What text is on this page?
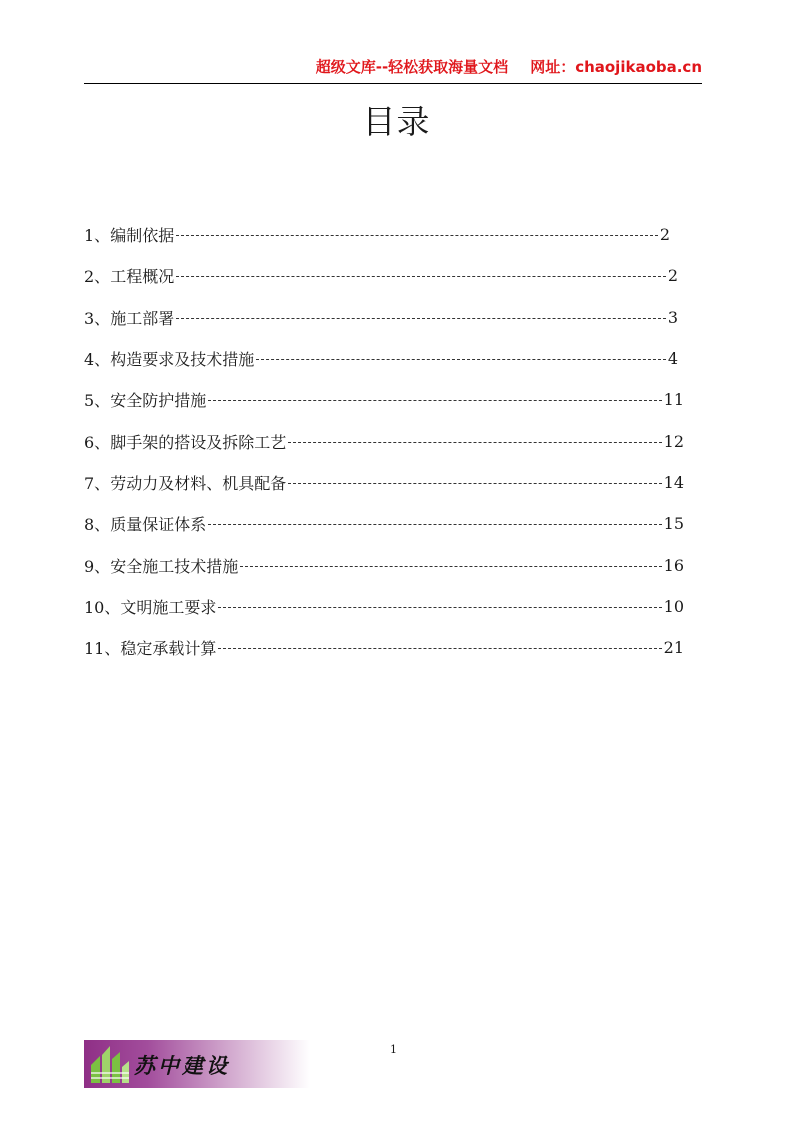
超级文库--轻松获取海量文档 网址：chaojikaoba.cn
目录
1、 编制依据	2
2、 工程概况	2
3、 施工部署	3
4、 构造要求及技术措施	4
5、 安全防护措施	11
6、 脚手架的搭设及拆除工艺	12
7、 劳动力及材料、机具配备	14
8、 质量保证体系	15
9、 安全施工技术措施	16
10、 文明施工要求	10
11、 稳定承载计算	21
1
苏中建设
